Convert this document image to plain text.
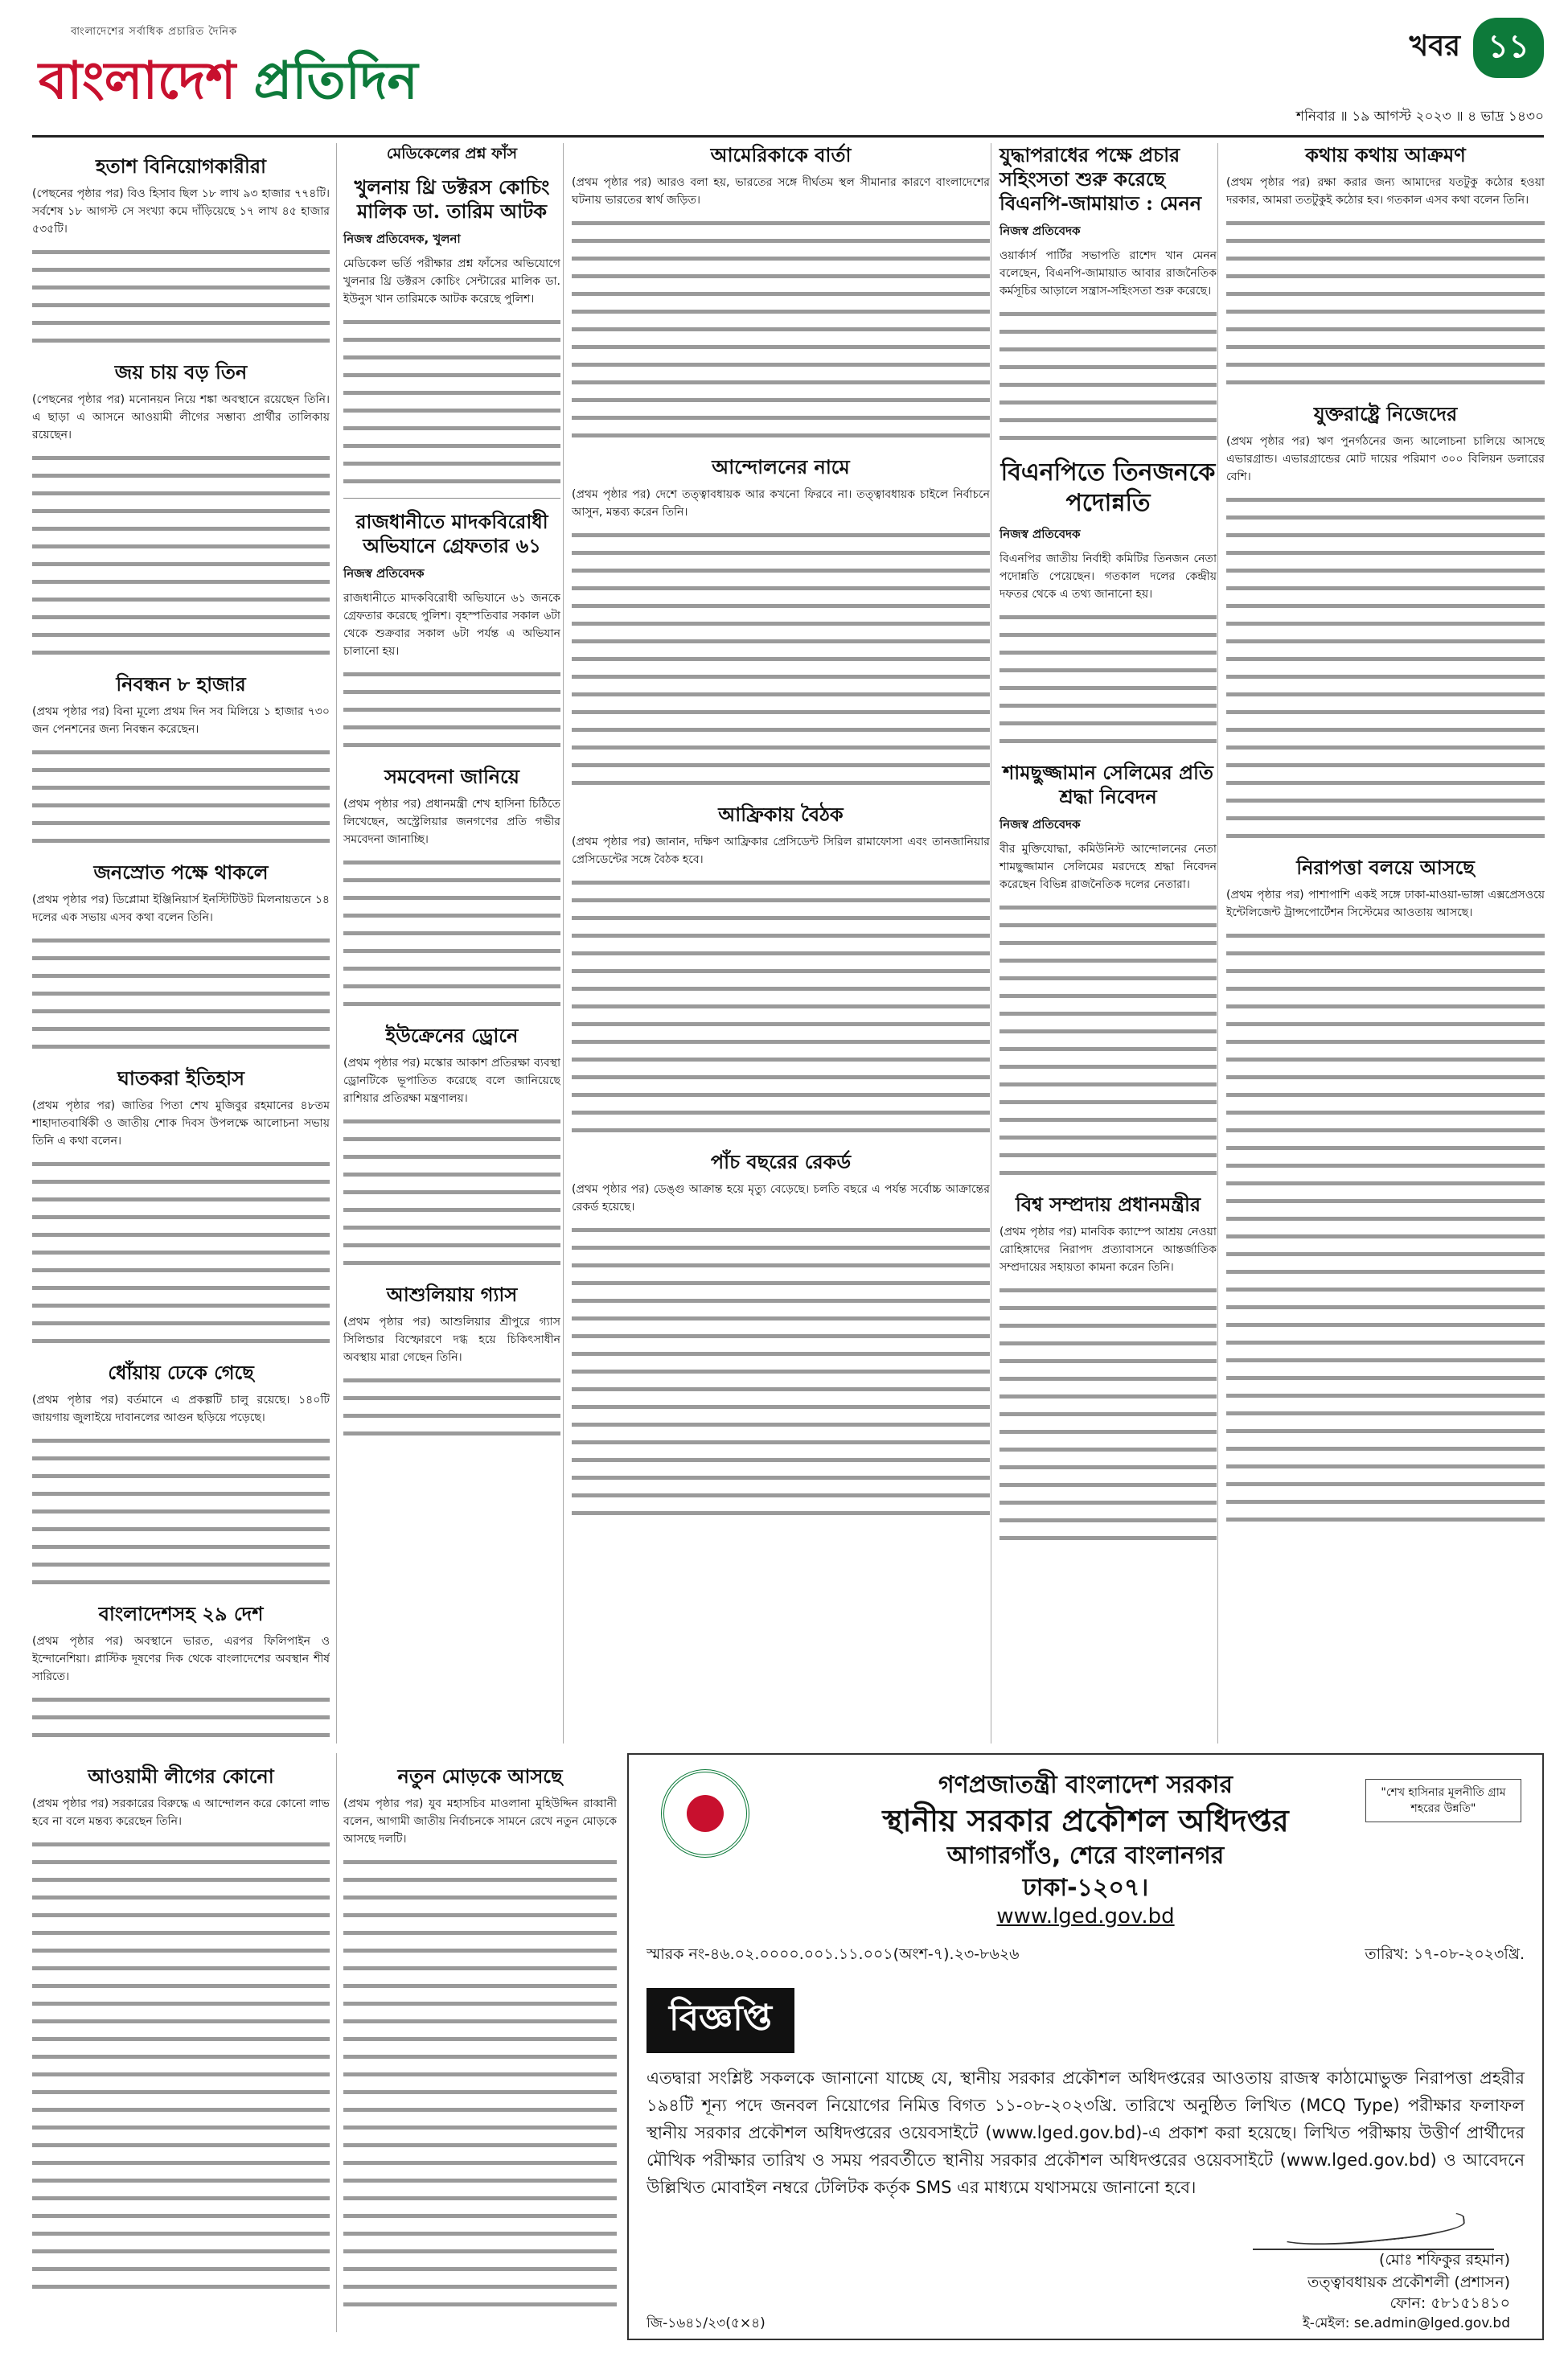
বাংলাদেশের সর্বাধিক প্রচারিত দৈনিক
বাংলাদেশ প্রতিদিন
খবর ১১
শনিবার ॥ ১৯ আগস্ট ২০২৩ ॥ ৪ ভাদ্র ১৪৩০
হতাশ বিনিয়োগকারীরা

(পেছনের পৃষ্ঠার পর) বিও হিসাব ছিল ১৮ লাখ ৯৩ হাজার ৭৭৪টি। সর্বশেষ ১৮ আগস্ট সে সংখ্যা কমে দাঁড়িয়েছে ১৭ লাখ ৪৫ হাজার ৫৩৫টি।

জয় চায় বড় তিন

(পেছনের পৃষ্ঠার পর) মনোনয়ন নিয়ে শঙ্কা অবস্থানে রয়েছেন তিনি। এ ছাড়া এ আসনে আওয়ামী লীগের সম্ভাব্য প্রার্থীর তালিকায় রয়েছেন।

নিবন্ধন ৮ হাজার

(প্রথম পৃষ্ঠার পর) বিনা মূল্যে প্রথম দিন সব মিলিয়ে ১ হাজার ৭৩০ জন পেনশনের জন্য নিবন্ধন করেছেন।

জনস্রোত পক্ষে থাকলে

(প্রথম পৃষ্ঠার পর) ডিপ্লোমা ইঞ্জিনিয়ার্স ইনস্টিটিউট মিলনায়তনে ১৪ দলের এক সভায় এসব কথা বলেন তিনি।

ঘাতকরা ইতিহাস

(প্রথম পৃষ্ঠার পর) জাতির পিতা শেখ মুজিবুর রহমানের ৪৮তম শাহাদাতবার্ষিকী ও জাতীয় শোক দিবস উপলক্ষে আলোচনা সভায় তিনি এ কথা বলেন।

ধোঁয়ায় ঢেকে গেছে

(প্রথম পৃষ্ঠার পর) বর্তমানে এ প্রকল্পটি চালু রয়েছে। ১৪০টি জায়গায় জুলাইয়ে দাবানলের আগুন ছড়িয়ে পড়েছে।

বাংলাদেশসহ ২৯ দেশ

(প্রথম পৃষ্ঠার পর) অবস্থানে ভারত, এরপর ফিলিপাইন ও ইন্দোনেশিয়া। প্লাস্টিক দূষণের দিক থেকে বাংলাদেশের অবস্থান শীর্ষ সারিতে।

মেডিকেলের প্রশ্ন ফাঁস
খুলনায় থ্রি ডক্টরস কোচিং মালিক ডা. তারিম আটক
নিজস্ব প্রতিবেদক, খুলনা

মেডিকেল ভর্তি পরীক্ষার প্রশ্ন ফাঁসের অভিযোগে খুলনার থ্রি ডক্টরস কোচিং সেন্টারের মালিক ডা. ইউনুস খান তারিমকে আটক করেছে পুলিশ।

রাজধানীতে মাদকবিরোধী অভিযানে গ্রেফতার ৬১
নিজস্ব প্রতিবেদক

রাজধানীতে মাদকবিরোধী অভিযানে ৬১ জনকে গ্রেফতার করেছে পুলিশ। বৃহস্পতিবার সকাল ৬টা থেকে শুক্রবার সকাল ৬টা পর্যন্ত এ অভিযান চালানো হয়।

সমবেদনা জানিয়ে

(প্রথম পৃষ্ঠার পর) প্রধানমন্ত্রী শেখ হাসিনা চিঠিতে লিখেছেন, অস্ট্রেলিয়ার জনগণের প্রতি গভীর সমবেদনা জানাচ্ছি।

ইউক্রেনের ড্রোনে

(প্রথম পৃষ্ঠার পর) মস্কোর আকাশ প্রতিরক্ষা ব্যবস্থা ড্রোনটিকে ভূপাতিত করেছে বলে জানিয়েছে রাশিয়ার প্রতিরক্ষা মন্ত্রণালয়।

আশুলিয়ায় গ্যাস

(প্রথম পৃষ্ঠার পর) আশুলিয়ার শ্রীপুরে গ্যাস সিলিন্ডার বিস্ফোরণে দগ্ধ হয়ে চিকিৎসাধীন অবস্থায় মারা গেছেন তিনি।

আমেরিকাকে বার্তা

(প্রথম পৃষ্ঠার পর) আরও বলা হয়, ভারতের সঙ্গে দীর্ঘতম স্থল সীমানার কারণে বাংলাদেশের ঘটনায় ভারতের স্বার্থ জড়িত।

আন্দোলনের নামে

(প্রথম পৃষ্ঠার পর) দেশে তত্ত্বাবধায়ক আর কখনো ফিরবে না। তত্ত্বাবধায়ক চাইলে নির্বাচনে আসুন, মন্তব্য করেন তিনি।

আফ্রিকায় বৈঠক

(প্রথম পৃষ্ঠার পর) জানান, দক্ষিণ আফ্রিকার প্রেসিডেন্ট সিরিল রামাফোসা এবং তানজানিয়ার প্রেসিডেন্টের সঙ্গে বৈঠক হবে।

পাঁচ বছরের রেকর্ড

(প্রথম পৃষ্ঠার পর) ডেঙ্গু আক্রান্ত হয়ে মৃত্যু বেড়েছে। চলতি বছরে এ পর্যন্ত সর্বোচ্চ আক্রান্তের রেকর্ড হয়েছে।

যুদ্ধাপরাধের পক্ষে প্রচার সহিংসতা শুরু করেছে বিএনপি-জামায়াত : মেনন
নিজস্ব প্রতিবেদক

ওয়ার্কার্স পার্টির সভাপতি রাশেদ খান মেনন বলেছেন, বিএনপি-জামায়াত আবার রাজনৈতিক কর্মসূচির আড়ালে সন্ত্রাস-সহিংসতা শুরু করেছে।

বিএনপিতে তিনজনকে পদোন্নতি
নিজস্ব প্রতিবেদক

বিএনপির জাতীয় নির্বাহী কমিটির তিনজন নেতা পদোন্নতি পেয়েছেন। গতকাল দলের কেন্দ্রীয় দফতর থেকে এ তথ্য জানানো হয়।

শামছুজ্জামান সেলিমের প্রতি শ্রদ্ধা নিবেদন
নিজস্ব প্রতিবেদক

বীর মুক্তিযোদ্ধা, কমিউনিস্ট আন্দোলনের নেতা শামছুজ্জামান সেলিমের মরদেহে শ্রদ্ধা নিবেদন করেছেন বিভিন্ন রাজনৈতিক দলের নেতারা।

বিশ্ব সম্প্রদায় প্রধানমন্ত্রীর

(প্রথম পৃষ্ঠার পর) মানবিক ক্যাম্পে আশ্রয় নেওয়া রোহিঙ্গাদের নিরাপদ প্রত্যাবাসনে আন্তর্জাতিক সম্প্রদায়ের সহায়তা কামনা করেন তিনি।

কথায় কথায় আক্রমণ

(প্রথম পৃষ্ঠার পর) রক্ষা করার জন্য আমাদের যতটুকু কঠোর হওয়া দরকার, আমরা ততটুকুই কঠোর হব। গতকাল এসব কথা বলেন তিনি।

যুক্তরাষ্ট্রে নিজেদের

(প্রথম পৃষ্ঠার পর) ঋণ পুনর্গঠনের জন্য আলোচনা চালিয়ে আসছে এভারগ্রান্ড। এভারগ্রান্ডের মোট দায়ের পরিমাণ ৩০০ বিলিয়ন ডলারের বেশি।

নিরাপত্তা বলয়ে আসছে

(প্রথম পৃষ্ঠার পর) পাশাপাশি একই সঙ্গে ঢাকা-মাওয়া-ভাঙ্গা এক্সপ্রেসওয়ে ইন্টেলিজেন্ট ট্রান্সপোর্টেশন সিস্টেমের আওতায় আসছে।

আওয়ামী লীগের কোনো

(প্রথম পৃষ্ঠার পর) সরকারের বিরুদ্ধে এ আন্দোলন করে কোনো লাভ হবে না বলে মন্তব্য করেছেন তিনি।

নতুন মোড়কে আসছে

(প্রথম পৃষ্ঠার পর) যুব মহাসচিব মাওলানা মুহিউদ্দিন রাব্বানী বলেন, আগামী জাতীয় নির্বাচনকে সামনে রেখে নতুন মোড়কে আসছে দলটি।

"শেখ হাসিনার মূলনীতি গ্রাম শহরের উন্নতি"
গণপ্রজাতন্ত্রী বাংলাদেশ সরকার
স্থানীয় সরকার প্রকৌশল অধিদপ্তর
আগারগাঁও, শেরে বাংলানগর
ঢাকা-১২০৭।
www.lged.gov.bd
স্মারক নং-৪৬.০২.০০০০.০০১.১১.০০১(অংশ-৭).২৩-৮৬২৬	তারিখ: ১৭-০৮-২০২৩খ্রি.
বিজ্ঞপ্তি
এতদ্বারা সংশ্লিষ্ট সকলকে জানানো যাচ্ছে যে, স্থানীয় সরকার প্রকৌশল অধিদপ্তরের আওতায় রাজস্ব কাঠামোভুক্ত নিরাপত্তা প্রহরীর ১৯৪টি শূন্য পদে জনবল নিয়োগের নিমিত্ত বিগত ১১-০৮-২০২৩খ্রি. তারিখে অনুষ্ঠিত লিখিত (MCQ Type) পরীক্ষার ফলাফল স্থানীয় সরকার প্রকৌশল অধিদপ্তরের ওয়েবসাইটে (www.lged.gov.bd)-এ প্রকাশ করা হয়েছে। লিখিত পরীক্ষায় উত্তীর্ণ প্রার্থীদের মৌখিক পরীক্ষার তারিখ ও সময় পরবর্তীতে স্থানীয় সরকার প্রকৌশল অধিদপ্তরের ওয়েবসাইটে (www.lged.gov.bd) ও আবেদনে উল্লিখিত মোবাইল নম্বরে টেলিটক কর্তৃক SMS এর মাধ্যমে যথাসময়ে জানানো হবে।
(মোঃ শফিকুর রহমান)
তত্ত্বাবধায়ক প্রকৌশলী (প্রশাসন)
ফোন: ৫৮১৫১৪১০
ই-মেইল: se.admin@lged.gov.bd
জি-১৬৪১/২৩(৫×৪)
